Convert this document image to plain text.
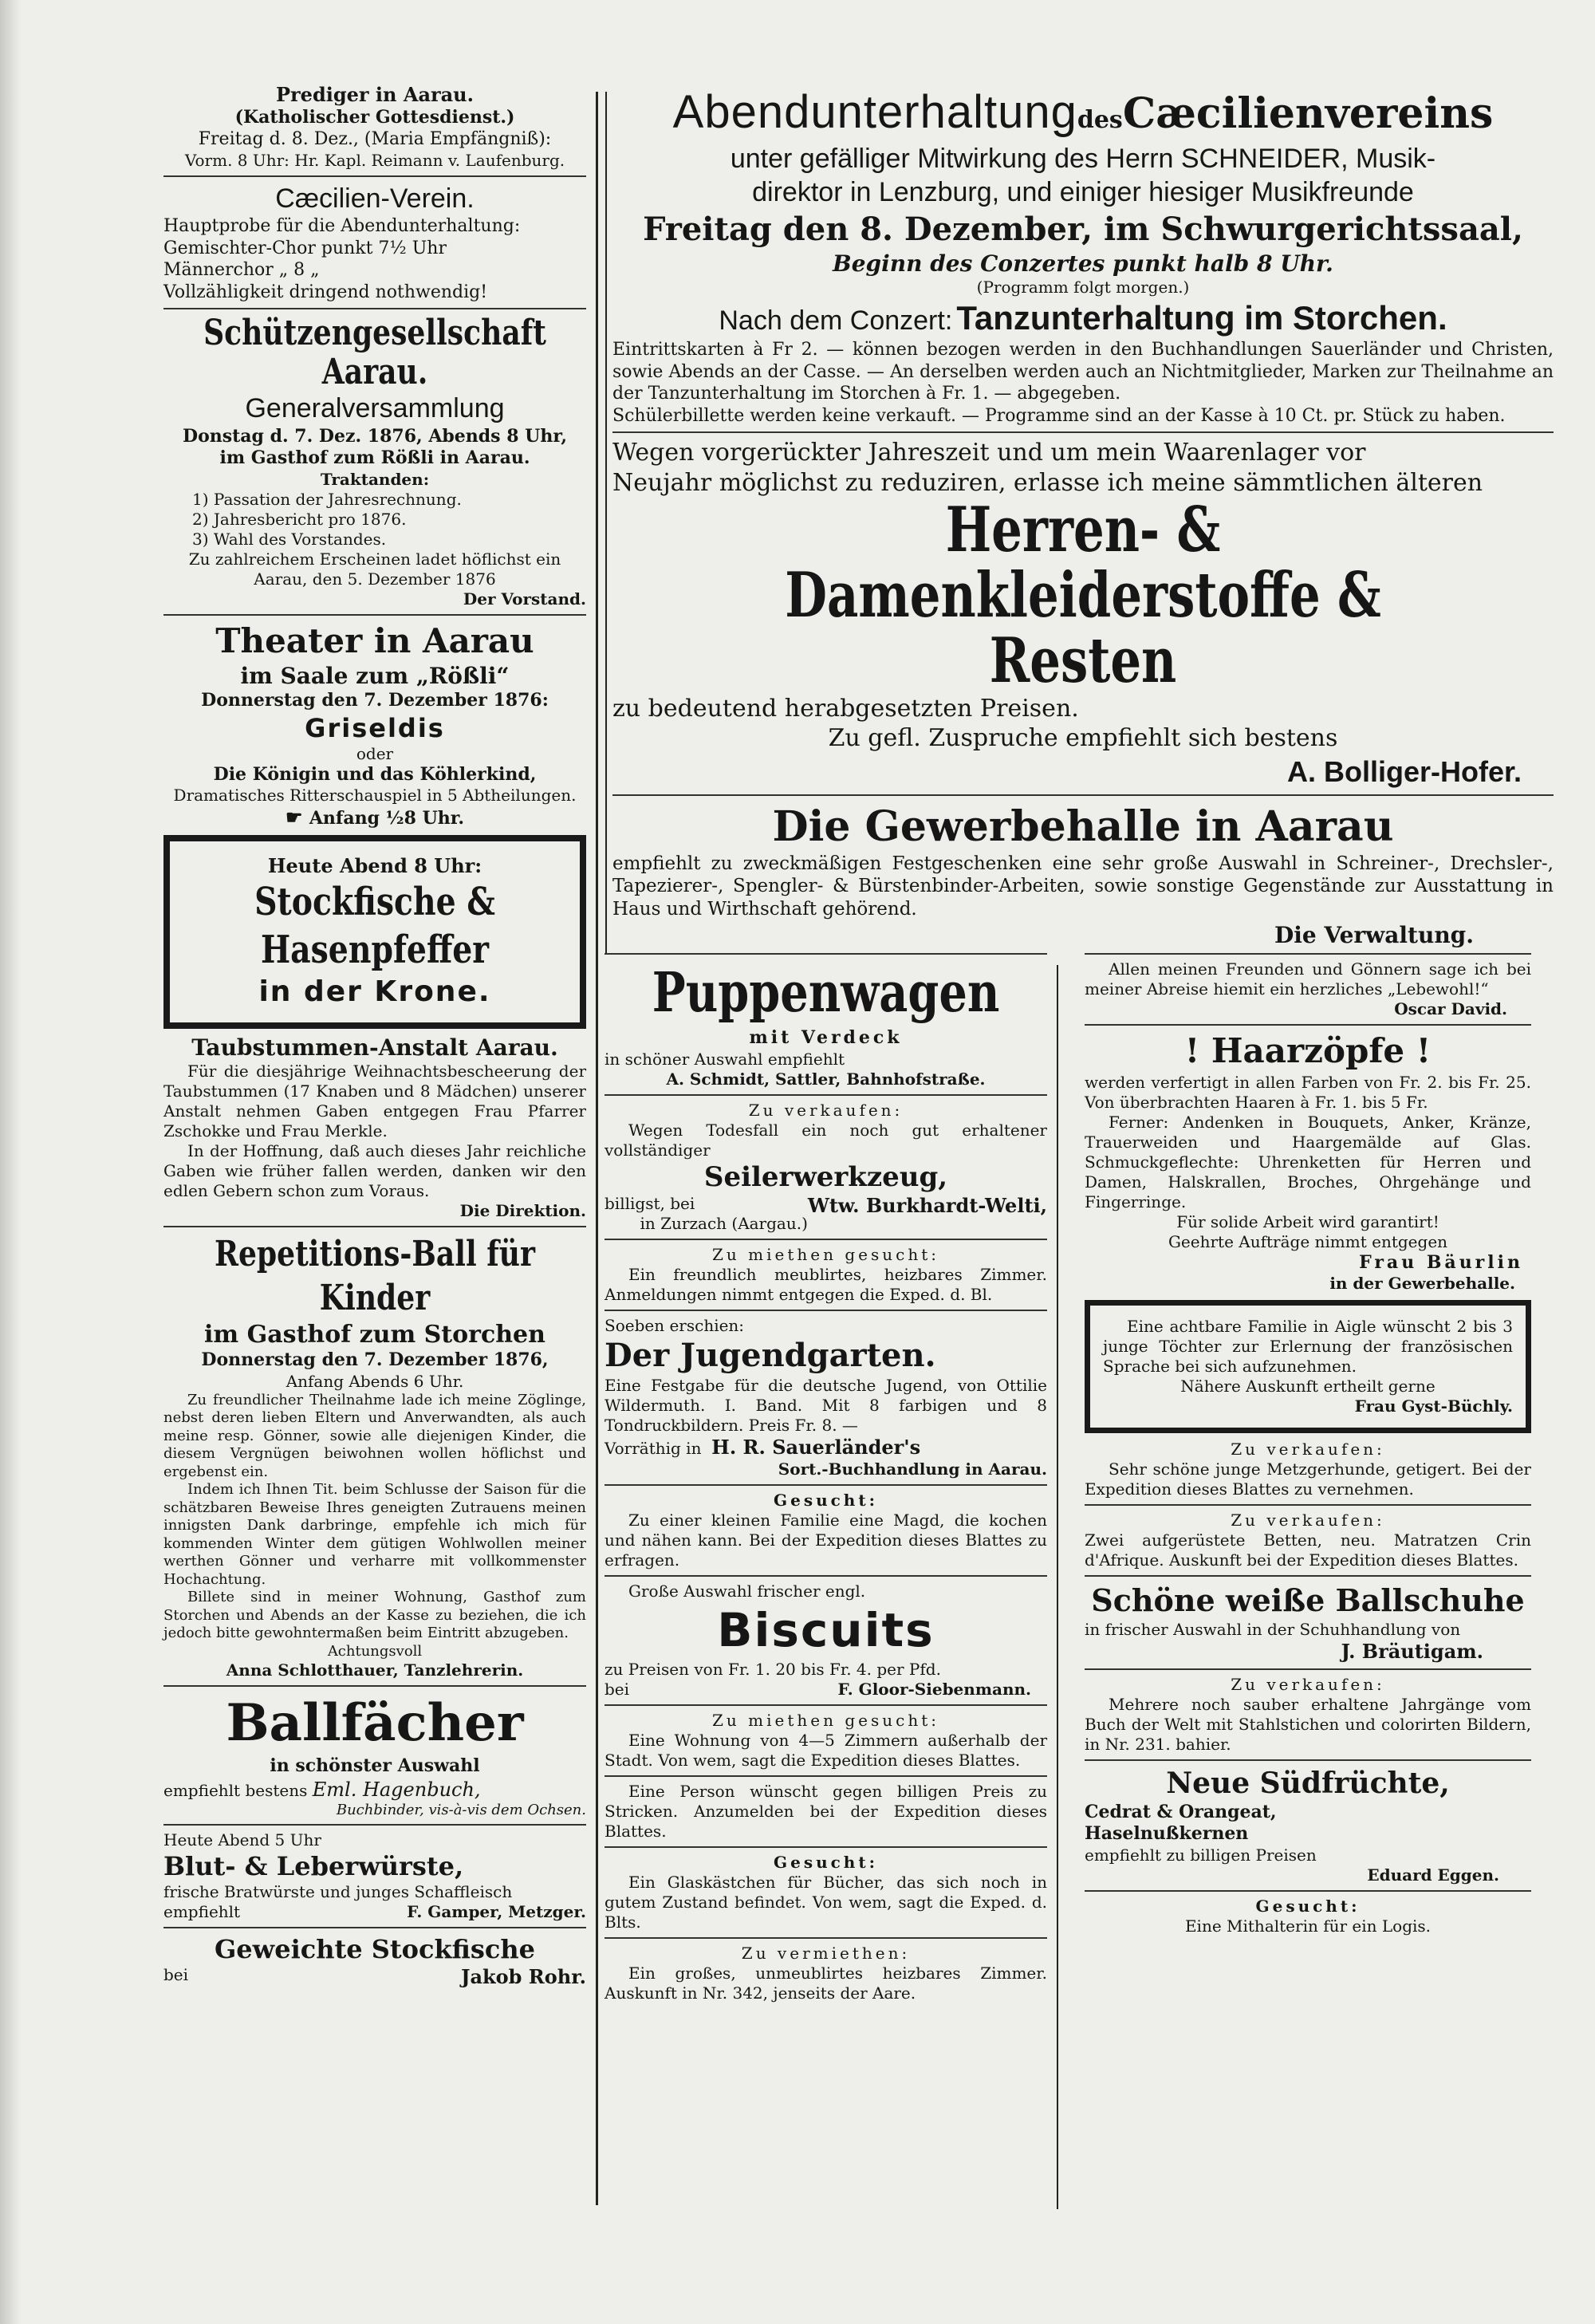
Prediger in Aarau.

(Katholischer Gottesdienst.)

Freitag d. 8. Dez., (Maria Empfängniß):

Vorm. 8 Uhr: Hr. Kapl. Reimann v. Laufenburg.

Cæcilien-Verein.

Hauptprobe für die Abendunterhaltung:

Gemischter-Chor punkt 7½ Uhr

Männerchor „ 8 „

Vollzähligkeit dringend nothwendig!

Schützengesellschaft Aarau.

Generalversammlung

Donstag d. 7. Dez. 1876, Abends 8 Uhr,

im Gasthof zum Rößli in Aarau.

Traktanden:

1) Passation der Jahresrechnung.

2) Jahresbericht pro 1876.

3) Wahl des Vorstandes.

Zu zahlreichem Erscheinen ladet höflichst ein

Aarau, den 5. Dezember 1876

Der Vorstand.

Theater in Aarau

im Saale zum „Rößli“

Donnerstag den 7. Dezember 1876:

Griseldis

oder

Die Königin und das Köhlerkind,

Dramatisches Ritterschauspiel in 5 Abtheilungen.

☛ Anfang ½8 Uhr.

Heute Abend 8 Uhr:

Stockfische & Hasenpfeffer

in der Krone.

Taubstummen-Anstalt Aarau.

Für die diesjährige Weihnachtsbescheerung der Taubstummen (17 Knaben und 8 Mädchen) unserer Anstalt nehmen Gaben entgegen Frau Pfarrer Zschokke und Frau Merkle.

In der Hoffnung, daß auch dieses Jahr reichliche Gaben wie früher fallen werden, danken wir den edlen Gebern schon zum Voraus.

Die Direktion.

Repetitions-Ball für Kinder

im Gasthof zum Storchen

Donnerstag den 7. Dezember 1876,

Anfang Abends 6 Uhr.

Zu freundlicher Theilnahme lade ich meine Zöglinge, nebst deren lieben Eltern und Anverwandten, als auch meine resp. Gönner, sowie alle diejenigen Kinder, die diesem Vergnügen beiwohnen wollen höflichst und ergebenst ein.

Indem ich Ihnen Tit. beim Schlusse der Saison für die schätzbaren Beweise Ihres geneigten Zutrauens meinen innigsten Dank darbringe, empfehle ich mich für kommenden Winter dem gütigen Wohlwollen meiner werthen Gönner und verharre mit vollkommenster Hochachtung.

Billete sind in meiner Wohnung, Gasthof zum Storchen und Abends an der Kasse zu beziehen, die ich jedoch bitte gewohntermaßen beim Eintritt abzugeben.

Achtungsvoll

Anna Schlotthauer, Tanzlehrerin.

Ballfächer

in schönster Auswahl

empfiehlt bestens Eml. Hagenbuch,

Buchbinder, vis-à-vis dem Ochsen.

Heute Abend 5 Uhr

Blut- & Leberwürste,

frische Bratwürste und junges Schaffleisch

empfiehlt	F. Gamper, Metzger.

Geweichte Stockfische

bei	Jakob Rohr.

AbendunterhaltungdesCæcilienvereins

unter gefälliger Mitwirkung des Herrn SCHNEIDER, Musik-

direktor in Lenzburg, und einiger hiesiger Musikfreunde

Freitag den 8. Dezember, im Schwurgerichtssaal,

Beginn des Conzertes punkt halb 8 Uhr.

(Programm folgt morgen.)

Nach dem Conzert: Tanzunterhaltung im Storchen.

Eintrittskarten à Fr 2. — können bezogen werden in den Buchhandlungen Sauerländer und Christen, sowie Abends an der Casse. — An derselben werden auch an Nichtmitglieder, Marken zur Theilnahme an der Tanzunterhaltung im Storchen à Fr. 1. — abgegeben.

Schülerbillette werden keine verkauft. — Programme sind an der Kasse à 10 Ct. pr. Stück zu haben.

Wegen vorgerückter Jahreszeit und um mein Waarenlager vor

Neujahr möglichst zu reduziren, erlasse ich meine sämmtlichen älteren

Herren- & Damenkleiderstoffe & Resten

zu bedeutend herabgesetzten Preisen.

Zu gefl. Zuspruche empfiehlt sich bestens

A. Bolliger-Hofer.

Die Gewerbehalle in Aarau

empfiehlt zu zweckmäßigen Festgeschenken eine sehr große Auswahl in Schreiner-, Drechsler-, Tapezierer-, Spengler- & Bürstenbinder-Arbeiten, sowie sonstige Gegenstände zur Ausstattung in Haus und Wirthschaft gehörend.

Die Verwaltung.

Puppenwagen

mit Verdeck

in schöner Auswahl empfiehlt

A. Schmidt, Sattler, Bahnhofstraße.

Zu verkaufen:

Wegen Todesfall ein noch gut erhaltener vollständiger

Seilerwerkzeug,

billigst, bei	Wtw. Burkhardt-Welti,

in Zurzach (Aargau.)

Zu miethen gesucht:

Ein freundlich meublirtes, heizbares Zimmer. Anmeldungen nimmt entgegen die Exped. d. Bl.

Soeben erschien:

Der Jugendgarten.

Eine Festgabe für die deutsche Jugend, von Ottilie Wildermuth. I. Band. Mit 8 farbigen und 8 Tondruckbildern. Preis Fr. 8. —

Vorräthig in H. R. Sauerländer's

Sort.-Buchhandlung in Aarau.

Gesucht:

Zu einer kleinen Familie eine Magd, die kochen und nähen kann. Bei der Expedition dieses Blattes zu erfragen.

Große Auswahl frischer engl.

Biscuits

zu Preisen von Fr. 1. 20 bis Fr. 4. per Pfd.

bei	F. Gloor-Siebenmann.

Zu miethen gesucht:

Eine Wohnung von 4—5 Zimmern außerhalb der Stadt. Von wem, sagt die Expedition dieses Blattes.

Eine Person wünscht gegen billigen Preis zu Stricken. Anzumelden bei der Expedition dieses Blattes.

Gesucht:

Ein Glaskästchen für Bücher, das sich noch in gutem Zustand befindet. Von wem, sagt die Exped. d. Blts.

Zu vermiethen:

Ein großes, unmeublirtes heizbares Zimmer. Auskunft in Nr. 342, jenseits der Aare.

Allen meinen Freunden und Gönnern sage ich bei meiner Abreise hiemit ein herzliches „Lebewohl!“

Oscar David.

! Haarzöpfe !

werden verfertigt in allen Farben von Fr. 2. bis Fr. 25. Von überbrachten Haaren à Fr. 1. bis 5 Fr.

Ferner: Andenken in Bouquets, Anker, Kränze, Trauerweiden und Haargemälde auf Glas. Schmuckgeflechte: Uhrenketten für Herren und Damen, Halskrallen, Broches, Ohrgehänge und Fingerringe.

Für solide Arbeit wird garantirt!

Geehrte Aufträge nimmt entgegen

Frau Bäurlin

in der Gewerbehalle.

Eine achtbare Familie in Aigle wünscht 2 bis 3 junge Töchter zur Erlernung der französischen Sprache bei sich aufzunehmen.

Nähere Auskunft ertheilt gerne

Frau Gyst-Büchly.

Zu verkaufen:

Sehr schöne junge Metzgerhunde, getigert. Bei der Expedition dieses Blattes zu vernehmen.

Zu verkaufen:

Zwei aufgerüstete Betten, neu. Matratzen Crin d'Afrique. Auskunft bei der Expedition dieses Blattes.

Schöne weiße Ballschuhe

in frischer Auswahl in der Schuhhandlung von

J. Bräutigam.

Zu verkaufen:

Mehrere noch sauber erhaltene Jahrgänge vom Buch der Welt mit Stahlstichen und colorirten Bildern, in Nr. 231. bahier.

Neue Südfrüchte,

Cedrat & Orangeat,

Haselnußkernen

empfiehlt zu billigen Preisen

Eduard Eggen.

Gesucht:

Eine Mithalterin für ein Logis.
